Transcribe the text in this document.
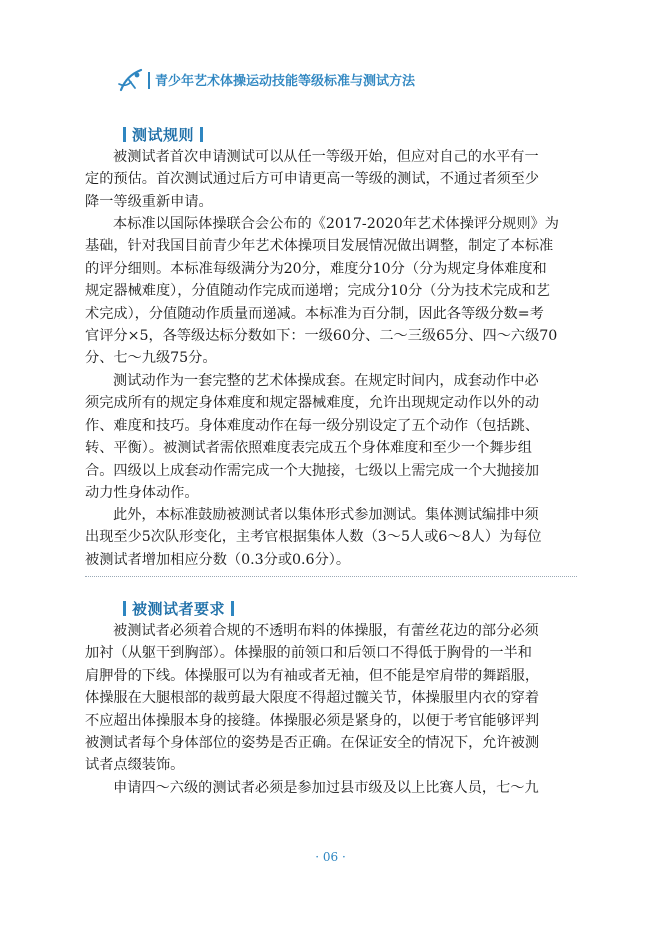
青少年艺术体操运动技能等级标准与测试方法
测试规则
被测试者首次申请测试可以从任一等级开始，但应对自己的水平有一
定的预估。首次测试通过后方可申请更高一等级的测试，不通过者须至少
降一等级重新申请。
本标准以国际体操联合会公布的《2017-2020年艺术体操评分规则》为
基础，针对我国目前青少年艺术体操项目发展情况做出调整，制定了本标准
的评分细则。本标准每级满分为20分，难度分10分（分为规定身体难度和
规定器械难度），分值随动作完成而递增；完成分10分（分为技术完成和艺
术完成），分值随动作质量而递减。本标准为百分制，因此各等级分数=考
官评分×5，各等级达标分数如下：一级60分、二～三级65分、四～六级70
分、七～九级75分。
测试动作为一套完整的艺术体操成套。在规定时间内，成套动作中必
须完成所有的规定身体难度和规定器械难度，允许出现规定动作以外的动
作、难度和技巧。身体难度动作在每一级分别设定了五个动作（包括跳、
转、平衡）。被测试者需依照难度表完成五个身体难度和至少一个舞步组
合。四级以上成套动作需完成一个大抛接，七级以上需完成一个大抛接加
动力性身体动作。
此外，本标准鼓励被测试者以集体形式参加测试。集体测试编排中须
出现至少5次队形变化，主考官根据集体人数（3～5人或6～8人）为每位
被测试者增加相应分数（0.3分或0.6分）。
被测试者要求
被测试者必须着合规的不透明布料的体操服，有蕾丝花边的部分必须
加衬（从躯干到胸部）。体操服的前领口和后领口不得低于胸骨的一半和
肩胛骨的下线。体操服可以为有袖或者无袖，但不能是窄肩带的舞蹈服，
体操服在大腿根部的裁剪最大限度不得超过髋关节，体操服里内衣的穿着
不应超出体操服本身的接缝。体操服必须是紧身的，以便于考官能够评判
被测试者每个身体部位的姿势是否正确。在保证安全的情况下，允许被测
试者点缀装饰。
申请四～六级的测试者必须是参加过县市级及以上比赛人员，七～九
· 06 ·
